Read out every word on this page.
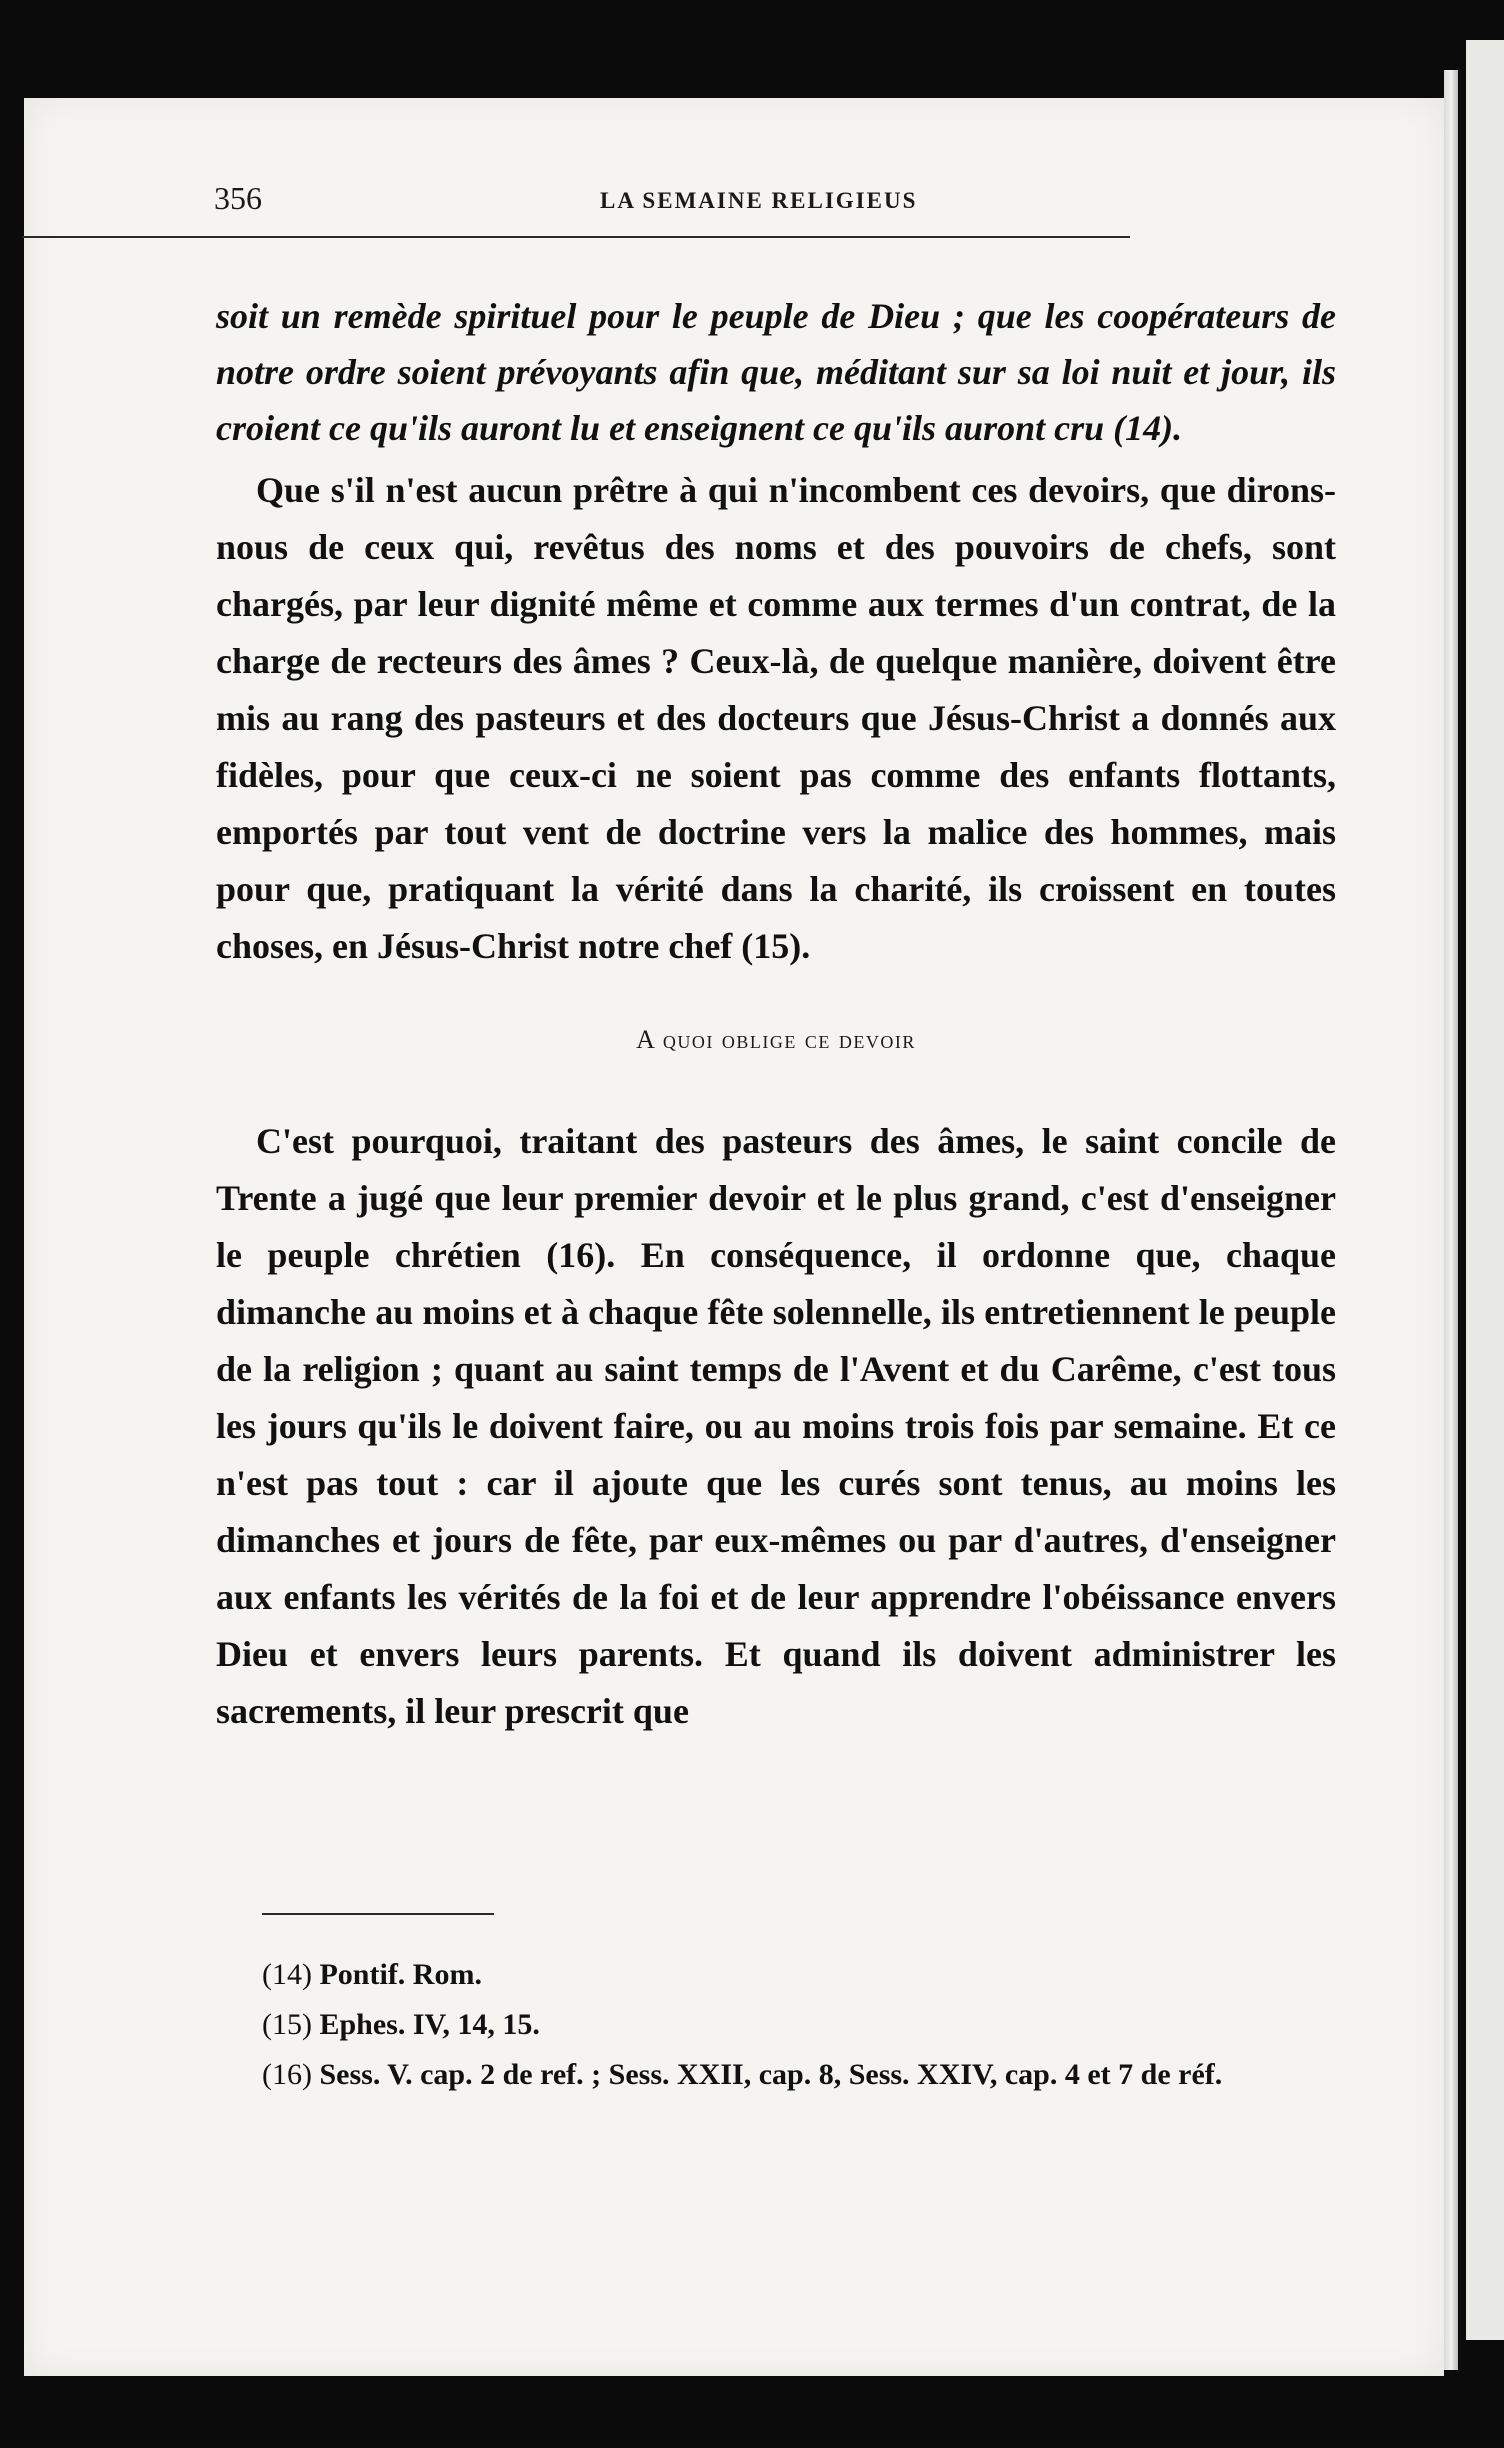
356	LA SEMAINE RELIGIEUS

soit un remède spirituel pour le peuple de Dieu ; que les coopérateurs de notre ordre soient prévoyants afin que, méditant sur sa loi nuit et jour, ils croient ce qu'ils auront lu et enseignent ce qu'ils auront cru (14).

Que s'il n'est aucun prêtre à qui n'incombent ces devoirs, que dirons-nous de ceux qui, revêtus des noms et des pouvoirs de chefs, sont chargés, par leur dignité même et comme aux termes d'un contrat, de la charge de recteurs des âmes ? Ceux-là, de quelque manière, doivent être mis au rang des pasteurs et des docteurs que Jésus-Christ a donnés aux fidèles, pour que ceux-ci ne soient pas comme des enfants flottants, emportés par tout vent de doctrine vers la malice des hommes, mais pour que, pratiquant la vérité dans la charité, ils croissent en toutes choses, en Jésus-Christ notre chef (15).

A quoi oblige ce devoir

C'est pourquoi, traitant des pasteurs des âmes, le saint concile de Trente a jugé que leur premier devoir et le plus grand, c'est d'enseigner le peuple chrétien (16). En conséquence, il ordonne que, chaque dimanche au moins et à chaque fête solennelle, ils entretiennent le peuple de la religion ; quant au saint temps de l'Avent et du Carême, c'est tous les jours qu'ils le doivent faire, ou au moins trois fois par semaine. Et ce n'est pas tout : car il ajoute que les curés sont tenus, au moins les dimanches et jours de fête, par eux-mêmes ou par d'autres, d'enseigner aux enfants les vérités de la foi et de leur apprendre l'obéissance envers Dieu et envers leurs parents. Et quand ils doivent administrer les sacrements, il leur prescrit que

(14) Pontif. Rom.

(15) Ephes. IV, 14, 15.

(16) Sess. V. cap. 2 de ref. ; Sess. XXII, cap. 8, Sess. XXIV, cap. 4 et 7 de réf.
